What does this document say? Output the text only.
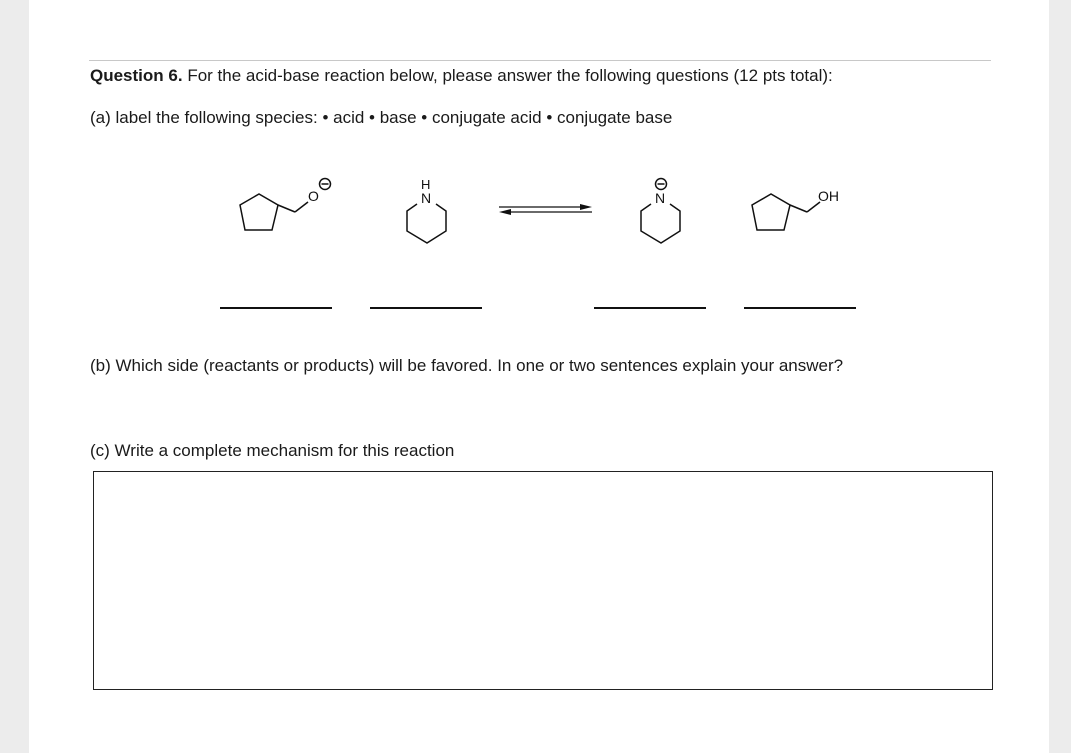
Question 6. For the acid-base reaction below, please answer the following questions (12 pts total):
(a) label the following species: • acid • base • conjugate acid • conjugate base
O
H
N	N	OH
(b) Which side (reactants or products) will be favored. In one or two sentences explain your answer?
(c) Write a complete mechanism for this reaction
